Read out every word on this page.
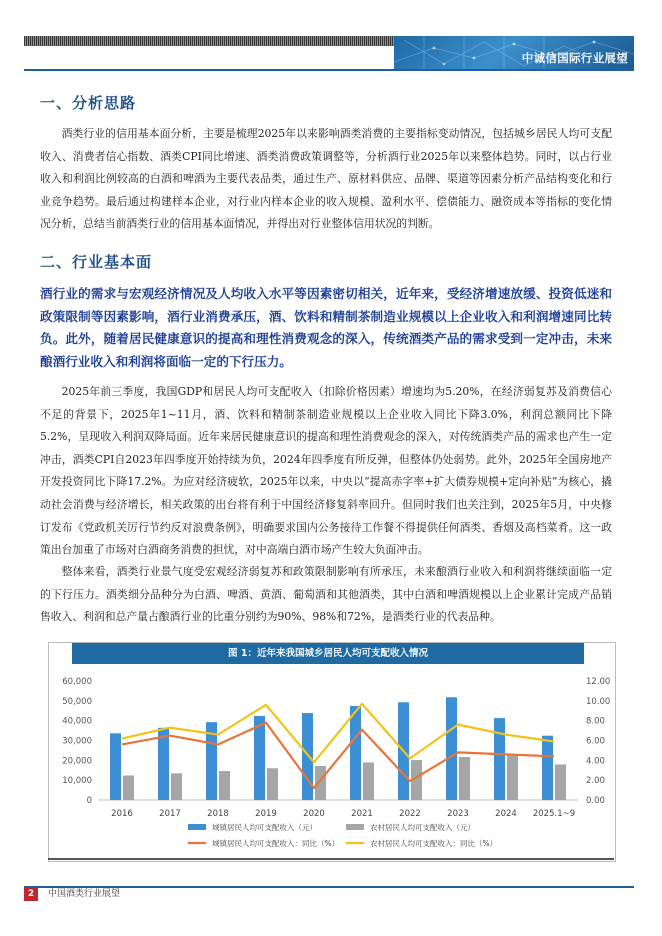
中诚信国际行业展望
一、分析思路

酒类行业的信用基本面分析，主要是梳理2025年以来影响酒类消费的主要指标变动情况，包括城乡居民人均可支配收入、消费者信心指数、酒类CPI同比增速、酒类消费政策调整等，分析酒行业2025年以来整体趋势。同时，以占行业收入和利润比例较高的白酒和啤酒为主要代表品类，通过生产、原材料供应、品牌、渠道等因素分析产品结构变化和行业竞争趋势。最后通过构建样本企业，对行业内样本企业的收入规模、盈利水平、偿债能力、融资成本等指标的变化情况分析，总结当前酒类行业的信用基本面情况，并得出对行业整体信用状况的判断。

二、行业基本面

酒行业的需求与宏观经济情况及人均收入水平等因素密切相关，近年来，受经济增速放缓、投资低迷和政策限制等因素影响，酒行业消费承压，酒、饮料和精制茶制造业规模以上企业收入和利润增速同比转负。此外，随着居民健康意识的提高和理性消费观念的深入，传统酒类产品的需求受到一定冲击，未来酿酒行业收入和利润将面临一定的下行压力。

2025年前三季度，我国GDP和居民人均可支配收入（扣除价格因素）增速均为5.20%，在经济弱复苏及消费信心不足的背景下，2025年1~11月，酒、饮料和精制茶制造业规模以上企业收入同比下降3.0%，利润总额同比下降5.2%，呈现收入利润双降局面。近年来居民健康意识的提高和理性消费观念的深入，对传统酒类产品的需求也产生一定冲击，酒类CPI自2023年四季度开始持续为负，2024年四季度有所反弹，但整体仍处弱势。此外，2025年全国房地产开发投资同比下降17.2%。为应对经济疲软，2025年以来，中央以“提高赤字率+扩大债券规模+定向补贴”为核心，撬动社会消费与经济增长，相关政策的出台将有利于中国经济修复斜率回升。但同时我们也关注到，2025年5月，中央修订发布《党政机关厉行节约反对浪费条例》，明确要求国内公务接待工作餐不得提供任何酒类、香烟及高档菜肴。这一政策出台加重了市场对白酒商务消费的担忧，对中高端白酒市场产生较大负面冲击。

整体来看，酒类行业景气度受宏观经济弱复苏和政策限制影响有所承压，未来酿酒行业收入和利润将继续面临一定的下行压力。酒类细分品种分为白酒、啤酒、黄酒、葡萄酒和其他酒类，其中白酒和啤酒规模以上企业累计完成产品销售收入、利润和总产量占酿酒行业的比重分别约为90%、98%和72%，是酒类行业的代表品种。

图 1：近年来我国城乡居民人均可支配收入情况
0
10,000
20,000
30,000
40,000
50,000
60,000
0.00
2.00
4.00
6.00
8.00
10.00
12.00
2016	2017	2018	2019	2020	2021	2022	2023	2024 2025.1~9
城镇居民人均可支配收入（元）	农村居民人均可支配收入（元）
城镇居民人均可支配收入：同比（%）	农村居民人均可支配收入：同比（%）
2	中国酒类行业展望
